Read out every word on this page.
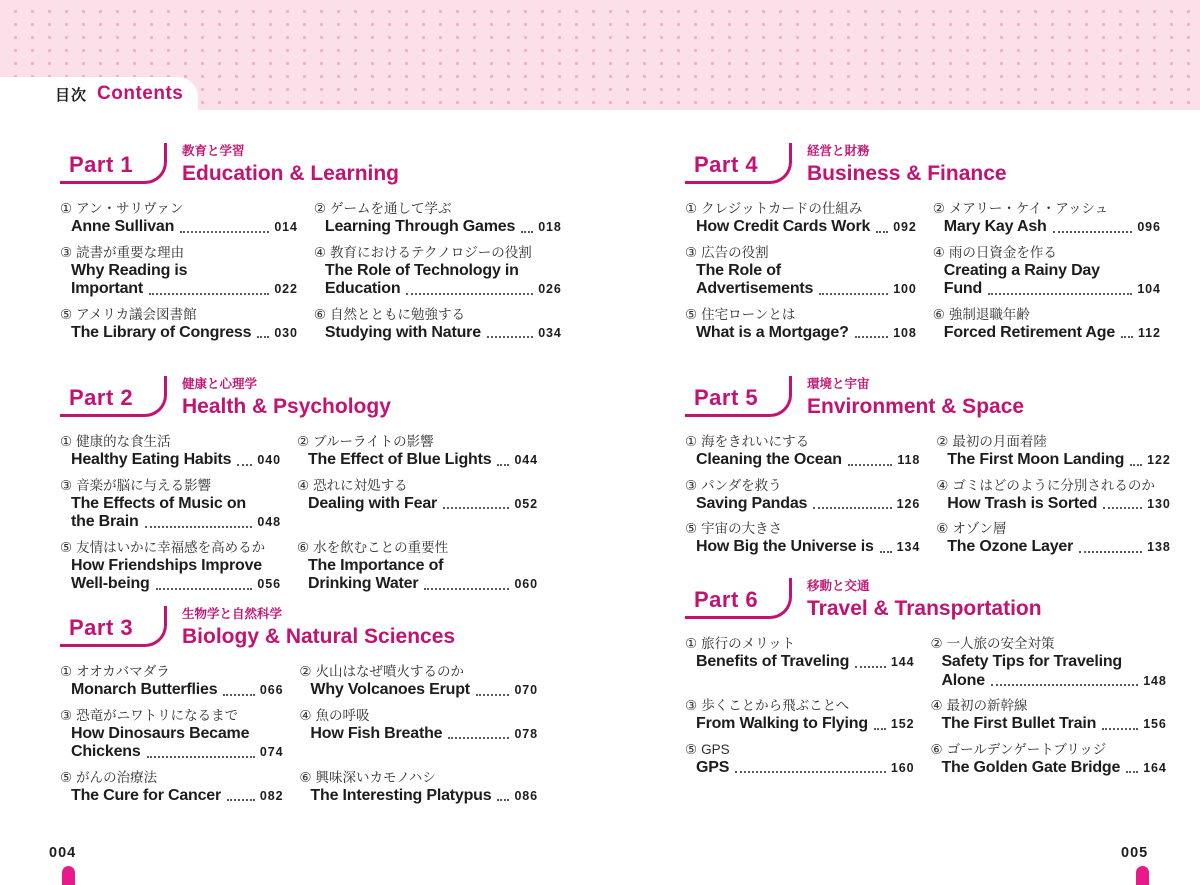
目次 Contents
Part 1
教育と学習
Education & Learning
① アン・サリヴァン
Anne Sullivan	014
② ゲームを通して学ぶ
Learning Through Games 018
③ 読書が重要な理由
Why Reading is
Important	022
④ 教育におけるテクノロジーの役割
The Role of Technology in
Education	026
⑤ アメリカ議会図書館
The Library of Congress 030
⑥ 自然とともに勉強する
Studying with Nature	034
Part 2
健康と心理学
Health & Psychology
① 健康的な食生活
Healthy Eating Habits 040
② ブルーライトの影響
The Effect of Blue Lights 044
③ 音楽が脳に与える影響
The Effects of Music on
the Brain	048
④ 恐れに対処する
Dealing with Fear	052
⑤ 友情はいかに幸福感を高めるか
How Friendships Improve
Well-being	056
⑥ 水を飲むことの重要性
The Importance of
Drinking Water	060
Part 3
生物学と自然科学
Biology & Natural Sciences
① オオカバマダラ
Monarch Butterflies	066
② 火山はなぜ噴火するのか
Why Volcanoes Erupt	070
③ 恐竜がニワトリになるまで
How Dinosaurs Became
Chickens	074
④ 魚の呼吸
How Fish Breathe	078
⑤ がんの治療法
The Cure for Cancer	082
⑥ 興味深いカモノハシ
The Interesting Platypus 086
Part 4
経営と財務
Business & Finance
① クレジットカードの仕組み
How Credit Cards Work 092
② メアリー・ケイ・アッシュ
Mary Kay Ash	096
③ 広告の役割
The Role of
Advertisements	100
④ 雨の日資金を作る
Creating a Rainy Day
Fund	104
⑤ 住宅ローンとは
What is a Mortgage?	108
⑥ 強制退職年齢
Forced Retirement Age 112
Part 5
環境と宇宙
Environment & Space
① 海をきれいにする
Cleaning the Ocean	118
② 最初の月面着陸
The First Moon Landing 122
③ パンダを救う
Saving Pandas	126
④ ゴミはどのように分別されるのか
How Trash is Sorted	130
⑤ 宇宙の大きさ
How Big the Universe is 134
⑥ オゾン層
The Ozone Layer	138
Part 6
移動と交通
Travel & Transportation
① 旅行のメリット
Benefits of Traveling	144
② 一人旅の安全対策
Safety Tips for Traveling
Alone	148
③ 歩くことから飛ぶことへ
From Walking to Flying 152
④ 最初の新幹線
The First Bullet Train	156
⑤ GPS
GPS	160
⑥ ゴールデンゲートブリッジ
The Golden Gate Bridge 164
004	005
